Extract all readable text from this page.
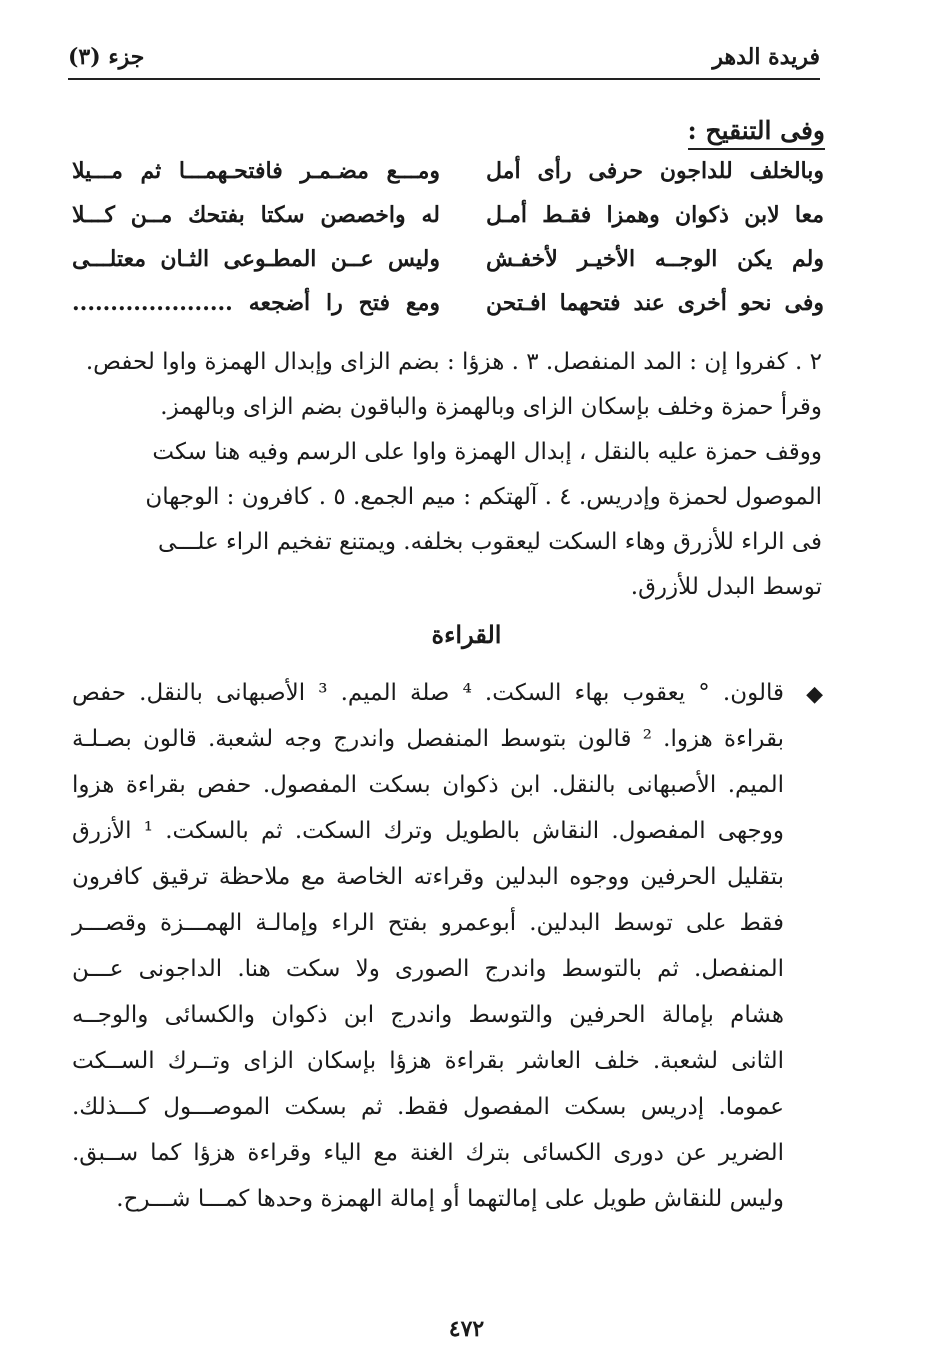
فريدة الدهر
جزء (٣)
وفى التنقيح :
وبالخلف للداجون حرفى رأى أمل
ومـــع مضـمـر فافتحـهمـــا ثم مـــيلا
معا لابن ذكوان وهمزا فقـط أمـل
له واخصصن سكتا بفتحك مــن كـــلا
ولم يكن الوجــه الأخيـر لأخفـش
وليس عــن المطـوعى الثـان معتلـــى
وفى نحو أخرى عند فتحهما افـتحن
ومع فتح را أضجعه .....................

٢ . كفروا إن : المد المنفصل. ٣ . هزؤا : بضم الزاى وإبدال الهمزة واوا لحفص.

وقرأ حمزة وخلف بإسكان الزاى وبالهمزة والباقون بضم الزاى وبالهمز.

ووقف حمزة عليه بالنقل ، إبدال الهمزة واوا على الرسم وفيه هنا سكت

الموصول لحمزة وإدريس. ٤ . آلهتكم : ميم الجمع. ٥ . كافرون : الوجهان

فى الراء للأزرق وهاء السكت ليعقوب بخلفه. ويمتنع تفخيم الراء علـــى

توسط البدل للأزرق.

القراءة
◆

قالون. ° يعقوب بهاء السكت. ⁴ صلة الميم. ³ الأصبهانى بالنقل. حفص

بقراءة هزوا. ² قالون بتوسط المنفصل واندرج وجه لشعبة. قالون بصـلـة

الميم. الأصبهانى بالنقل. ابن ذكوان بسكت المفصول. حفص بقراءة هزوا

ووجهى المفصول. النقاش بالطويل وترك السكت. ثم بالسكت. ¹ الأزرق

بتقليل الحرفين ووجوه البدلين وقراءته الخاصة مع ملاحظة ترقيق كافرون

فقط على توسط البدلين. أبوعمرو بفتح الراء وإمالـة الهمـــزة وقصـــر

المنفصل. ثم بالتوسط واندرج الصورى ولا سكت هنا. الداجونى عـــن

هشام بإمالة الحرفين والتوسط واندرج ابن ذكوان والكسائى والوجــه

الثانى لشعبة. خلف العاشر بقراءة هزؤا بإسكان الزاى وتــرك الســكت

عموما. إدريس بسكت المفصول فقط. ثم بسكت الموصـــول كـــذلك.

الضرير عن دورى الكسائى بترك الغنة مع الياء وقراءة هزؤا كما ســبق.

وليس للنقاش طويل على إمالتهما أو إمالة الهمزة وحدها كمـــا شـــرح.

٤٧٢
